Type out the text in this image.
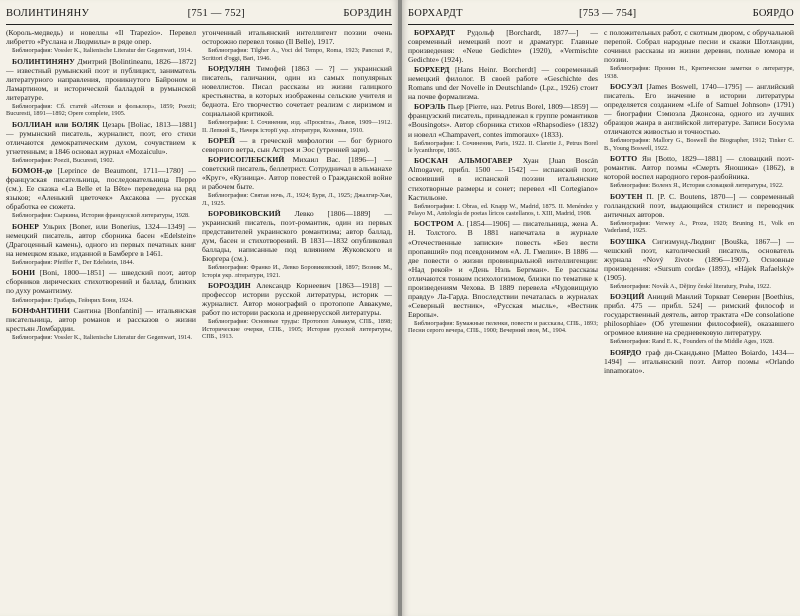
ВОЛИНТИНЯНУ	[751 — 752]	БОРЗДИН
(Король-медведь) и новеллы «Il Trapezio». Перевел либретто «Руслана и Людмилы» в ряде опер.
Библиография: Vossler K., Italienische Literatur der Gegenwart, 1914.
БОЛИНТИНЯНУ Дмитрий [Bolintineanu, 1826—1872] — известный румынский поэт и публицист, заниматель литературного направления, проникнутого Байроном и Ламартином, и исторической балладой в румынской литературе.
Библиография: Сб. статей «Истоки и фольклор», 1859; Poezii; Bucuresti, 1891—1892; Opere complete, 1905.
БОЛЛИАН или БОЛЯК Цезарь [Boliac, 1813—1881] — румынский писатель, журналист, поэт, его стихи отличаются демократическим духом, сочувствием к угнетенным; в 1846 основал журнал «Mozaiculu».
Библиография: Poezii, Bucuresti, 1902.
БОМОН-де [Leprince de Beaumont, 1711—1780] — французская писательница, последовательница Перро (см.). Ее сказка «La Belle et la Bête» переведена на ряд языков; «Аленький цветочек» Аксакова — русская обработка ее сюжета.
Библиография: Сыркина, История французской литературы, 1928.
БОНЕР Ульрих [Boner, или Bonerius, 1324—1349] — немецкий писатель, автор сборника басен «Edelstein» (Драгоценный камень), одного из первых печатных книг на немецком языке, изданной в Бамберге в 1461.
Библиография: Pfeiffer F., Der Edelstein, 1844.
БОНИ [Boni, 1800—1851] — шведский поэт, автор сборников лирических стихотворений и баллад, близких по духу романтизму.
Библиография: Грабарь, Гейнрих Бони, 1924.
БОНФАНТИНИ Сантина [Bonfantini] — итальянская писательница, автор романов и рассказов о жизни крестьян Ломбардии.
Библиография: Vossler K., Italienische Literatur der Gegenwart, 1914.
угонченный итальянский интеллигент поэзии очень осторожно перевел тонко (Il Belle), 1917.
Библиография: Tilgher A., Voci del Tempo, Roma, 1923; Pancrazi P., Scrittori d'oggi, Bari, 1946.
БОРДУЛЯН Тимофей [1863 — ?] — украинский писатель, галичанин, один из самых популярных новеллистов. Писал рассказы из жизни галицкого крестьянства, в которых изображены сельские учителя и беднота. Его творчество сочетает реализм с лиризмом и социальной критикой.
Библиография: I. Сочинения, изд. «Просвіта», Львов, 1909—1912. II. Лепкий Б., Начерк історії укр. літератури, Коломия, 1910.
БОРЕЙ — в греческой мифологии — бог бурного северного ветра, сын Астрея и Эос (утренней зари).
БОРИСОГЛЕБСКИЙ Михаил Вас. [1896—] — советский писатель, беллетрист. Сотрудничал в альманахе «Круг», «Кузница». Автор повестей о Гражданской войне и рабочем быте.
Библиография: Святая ночь, Л., 1924; Буря, Л., 1925; Джалгир-Хан, Л., 1925.
БОРОВИКОВСКИЙ Левко [1806—1889] — украинский писатель, поэт-романтик, один из первых представителей украинского романтизма; автор баллад, дум, басен и стихотворений. В 1831—1832 опубликовал баллады, написанные под влиянием Жуковского и Бюргера (см.).
Библиография: Франко И., Левко Боровиковский, 1897; Возняк М., Історія укр. літератури, 1921.
БОРОЗДИН Александр Корнеевич [1863—1918] — профессор истории русской литературы, историк — журналист. Автор монографий о протопопе Аввакуме, работ по истории раскола и древнерусской литературы.
Библиография: Основные труды: Протопоп Аввакум, СПБ., 1898; Исторические очерки, СПБ., 1905; История русской литературы, СПБ., 1913.
БОРХАРДТ	[753 — 754]	БОЯРДО
БОРХАРДТ Рудольф [Borchardt, 1877—] — современный немецкий поэт и драматург. Главные произведения: «Neue Gedichte» (1920), «Vermischte Gedichte» (1924).
БОРХЕРД [Hans Heinr. Borcherdt] — современный немецкий филолог. В своей работе «Geschichte des Romans und der Novelle in Deutschland» (Lpz., 1926) стоит на почве формализма.
БОРЭЛЬ Пьер [Pierre, наз. Petrus Borel, 1809—1859] — французский писатель, принадлежал к группе романтиков «Bousingots». Автор сборника стихов «Rhapsodies» (1832) и новелл «Champavert, contes immoraux» (1833).
Библиография: I. Сочинения, Paris, 1922. II. Claretie J., Petrus Borel le lycanthrope, 1865.
БОСКАН АЛЬМОГАВЕР Хуан [Juan Boscán Almogaver, прибл. 1500 — 1542] — испанский поэт, освоивший в испанской поэзии итальянские стихотворные размеры и сонет; перевел «Il Cortegiano» Кастильоне.
Библиография: I. Obras, ed. Knapp W., Madrid, 1875. II. Menéndez y Pelayo M., Antología de poetas líricos castellanos, t. XIII, Madrid, 1908.
БОСТРОМ А. [1854—1906] — писательница, жена А. Н. Толстого. В 1881 напечатала в журнале «Отечественные записки» повесть «Без вести пропавший» под псевдонимом «А. Л. Гмелин». В 1886 — две повести о жизни провинциальной интеллигенции: «Над рекой» и «День Нэль Бергман». Ее рассказы отличаются тонким психологизмом, близки по тематике к произведениям Чехова. В 1889 перевела «Чудовищную правду» Ла-Гарда. Впоследствии печаталась в журналах «Северный вестник», «Русская мысль», «Вестник Европы».
Библиография: Бумажные пеленки, повести и рассказы, СПБ., 1893; Песни серого вечера, СПБ., 1900; Вечерний звон, М., 1904.
с положительных работ, с скотным двором, с обручальной перепой. Собрал народные песни и сказки Шотландии, сочинил рассказы из жизни деревни, полные юмора и поэзии.
Библиография: Пронин Н., Критические заметки о литературе, 1938.
БОСУЭЛ [James Boswell, 1740—1795] — английский писатель. Его значение в истории литературы определяется созданием «Life of Samuel Johnson» (1791) — биографии Сэмюэла Джонсона, одного из лучших образцов жанра в английской литературе. Записи Босуэла отличаются живостью и точностью.
Библиография: Mallory G., Boswell the Biographer, 1912; Tinker C. B., Young Boswell, 1922.
БОТТО Ян [Botto, 1829—1881] — словацкий поэт-романтик. Автор поэмы «Смерть Яношика» (1862), в которой воспел народного героя-разбойника.
Библиография: Воленх Я., История словацкой литературы, 1922.
БОУТЕН П. [P. C. Boutens, 1870—] — современный голландский поэт, выдающийся стилист и переводчик античных авторов.
Библиография: Verwey A., Proza, 1920; Bruning H., Volk en Vaderland, 1925.
БОУШКА Сигизмунд-Людвиг [Bouška, 1867—] — чешский поэт, католический писатель, основатель журнала «Nový život» (1896—1907). Основные произведения: «Sursum corda» (1893), «Hájek Rafaelský» (1905).
Библиография: Novák A., Dějiny české literatury, Praha, 1922.
БОЭЦИЙ Аниций Манлий Торкват Северин [Boethius, прибл. 475 — прибл. 524] — римский философ и государственный деятель, автор трактата «De consolatione philosophiae» (Об утешении философией), оказавшего огромное влияние на средневековую литературу.
Библиография: Rand E. K., Founders of the Middle Ages, 1928.
БОЯРДО граф ди-Скандьяно [Matteo Boiardo, 1434—1494] — итальянский поэт. Автор поэмы «Orlando innamorato».
